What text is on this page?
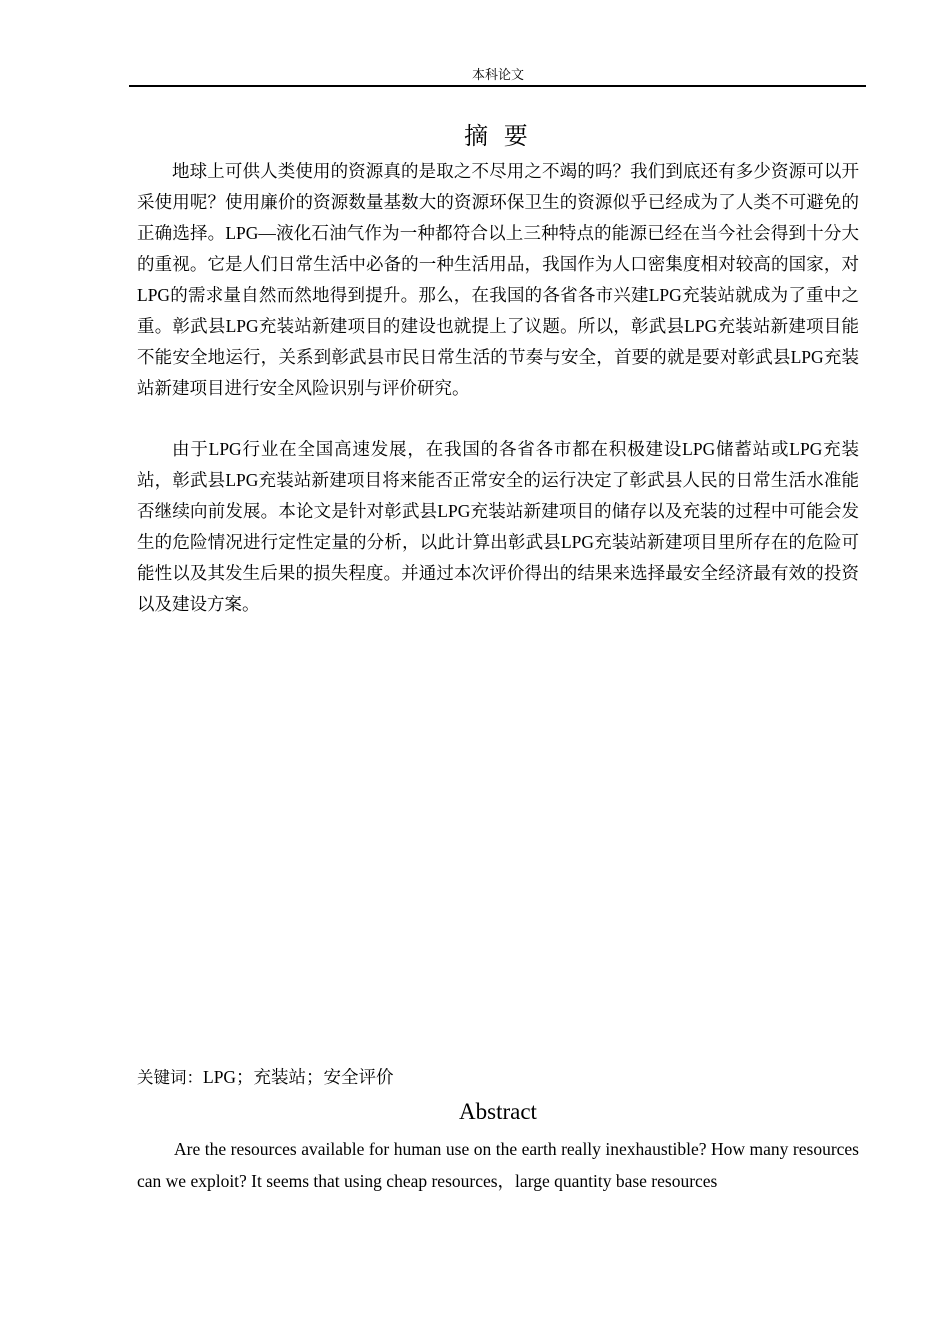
本科论文
摘 要

地球上可供人类使用的资源真的是取之不尽用之不竭的吗？我们到底还有多少资源可以开采使用呢？使用廉价的资源数量基数大的资源环保卫生的资源似乎已经成为了人类不可避免的正确选择。LPG—液化石油气作为一种都符合以上三种特点的能源已经在当今社会得到十分大的重视。它是人们日常生活中必备的一种生活用品，我国作为人口密集度相对较高的国家，对LPG的需求量自然而然地得到提升。那么，在我国的各省各市兴建LPG充装站就成为了重中之重。彰武县LPG充装站新建项目的建设也就提上了议题。所以，彰武县LPG充装站新建项目能不能安全地运行，关系到彰武县市民日常生活的节奏与安全，首要的就是要对彰武县LPG充装站新建项目进行安全风险识别与评价研究。

由于LPG行业在全国高速发展，在我国的各省各市都在积极建设LPG储蓄站或LPG充装站，彰武县LPG充装站新建项目将来能否正常安全的运行决定了彰武县人民的日常生活水准能否继续向前发展。本论文是针对彰武县LPG充装站新建项目的储存以及充装的过程中可能会发生的危险情况进行定性定量的分析，以此计算出彰武县LPG充装站新建项目里所存在的危险可能性以及其发生后果的损失程度。并通过本次评价得出的结果来选择最安全经济最有效的投资以及建设方案。

关键词：LPG；充装站；安全评价
Abstract

Are the resources available for human use on the earth really inexhaustible? How many resources can we exploit? It seems that using cheap resources，large quantity base resources
